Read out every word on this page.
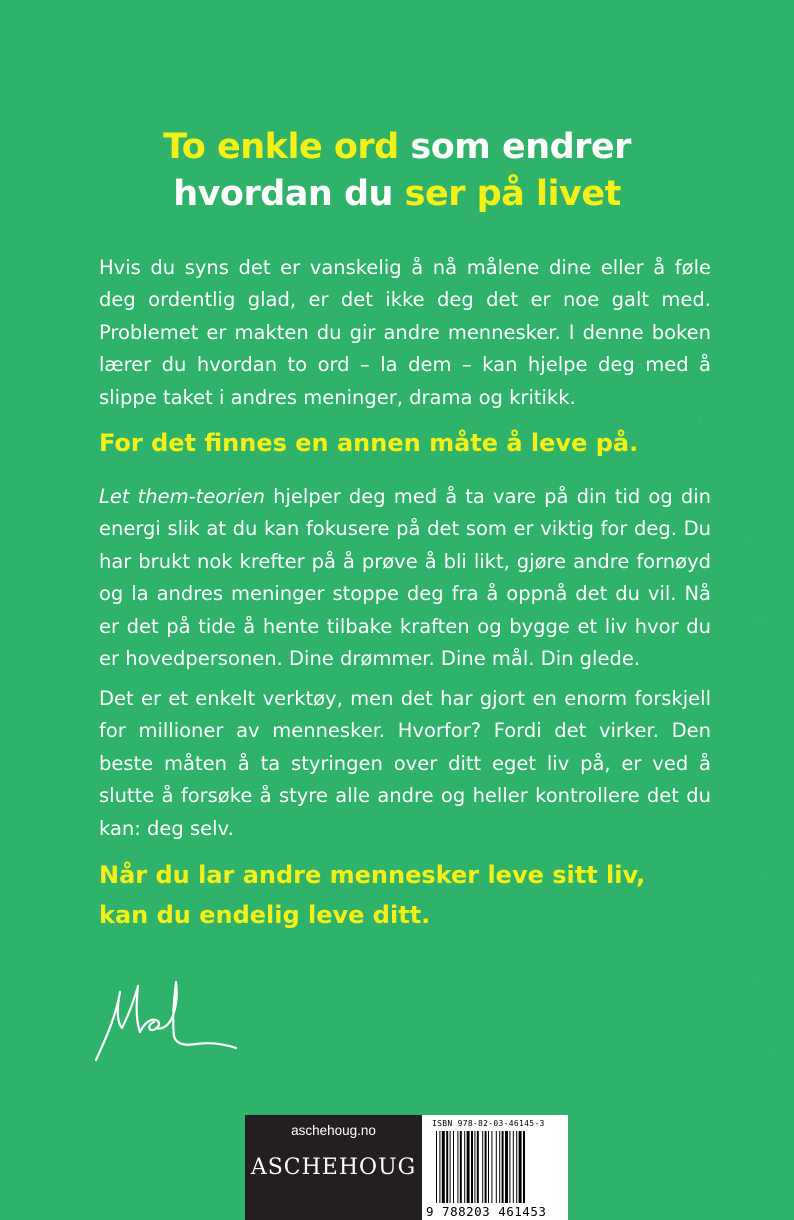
To enkle ord som endrer
hvordan du ser på livet
Hvis du syns det er vanskelig å nå målene dine eller å føle deg ordentlig glad, er det ikke deg det er noe galt med. Problemet er makten du gir andre mennesker. I denne boken lærer du hvordan to ord – la dem – kan hjelpe deg med å slippe taket i andres meninger, drama og kritikk.
For det finnes en annen måte å leve på.
Let them-teorien hjelper deg med å ta vare på din tid og din energi slik at du kan fokusere på det som er viktig for deg. Du har brukt nok krefter på å prøve å bli likt, gjøre andre fornøyd og la andres meninger stoppe deg fra å oppnå det du vil. Nå er det på tide å hente tilbake kraften og bygge et liv hvor du er hovedpersonen. Dine drømmer. Dine mål. Din glede.
Det er et enkelt verktøy, men det har gjort en enorm forskjell for millioner av mennesker. Hvorfor? Fordi det virker. Den beste måten å ta styringen over ditt eget liv på, er ved å slutte å forsøke å styre alle andre og heller kontrollere det du kan: deg selv.
Når du lar andre mennesker leve sitt liv,
kan du endelig leve ditt.
aschehoug.no
ASCHEHOUG
ISBN 978-82-03-46145-3
9 788203 461453
